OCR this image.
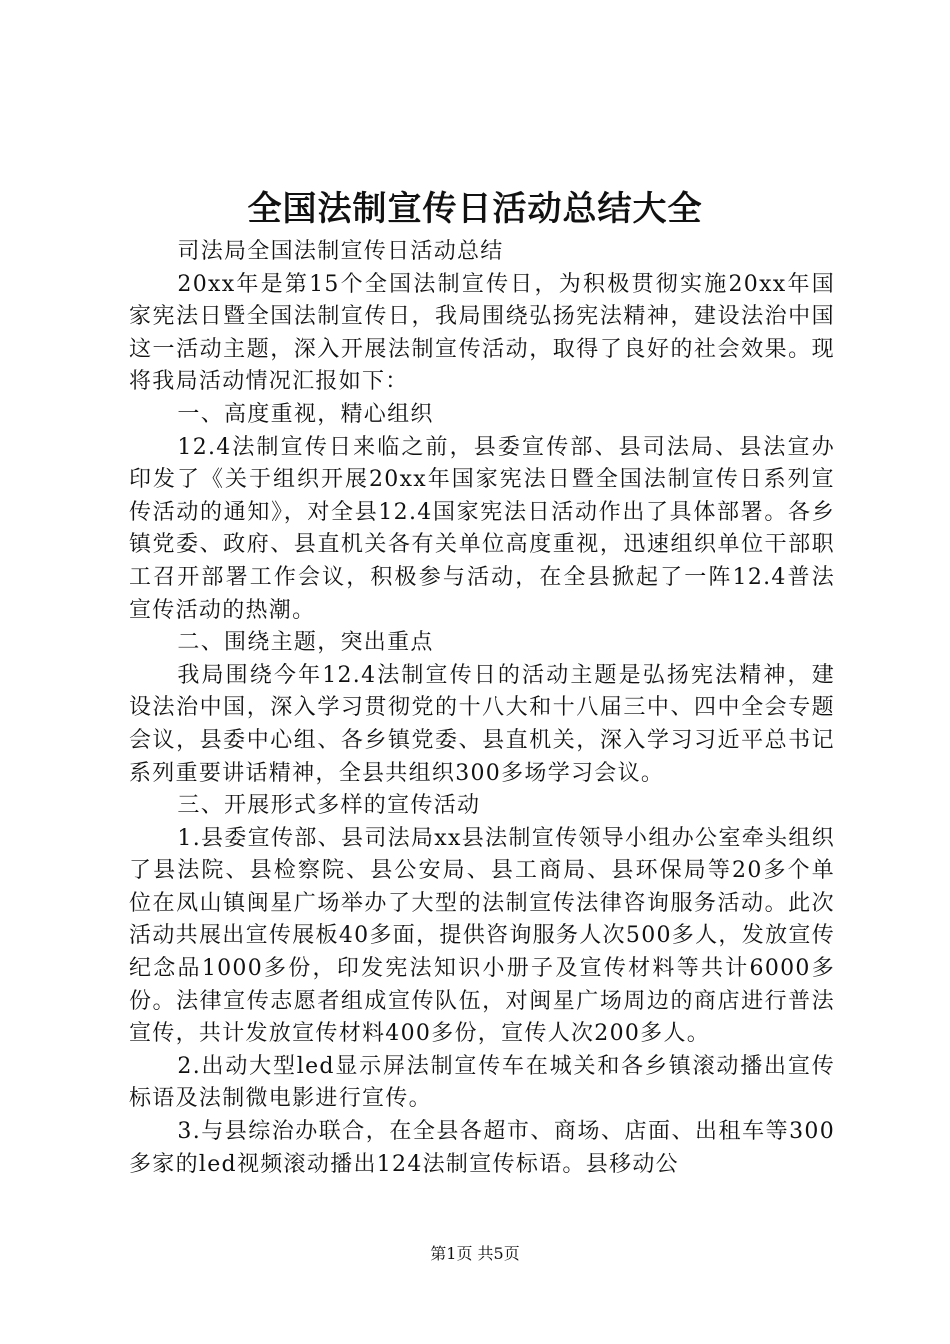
全国法制宣传日活动总结大全

司法局全国法制宣传日活动总结

20xx年是第15个全国法制宣传日，为积极贯彻实施20xx年国家宪法日暨全国法制宣传日，我局围绕弘扬宪法精神，建设法治中国这一活动主题，深入开展法制宣传活动，取得了良好的社会效果。现将我局活动情况汇报如下：

一、高度重视，精心组织

12.4法制宣传日来临之前，县委宣传部、县司法局、县法宣办印发了《关于组织开展20xx年国家宪法日暨全国法制宣传日系列宣传活动的通知》，对全县12.4国家宪法日活动作出了具体部署。各乡镇党委、政府、县直机关各有关单位高度重视，迅速组织单位干部职工召开部署工作会议，积极参与活动，在全县掀起了一阵12.4普法宣传活动的热潮。

二、围绕主题，突出重点

我局围绕今年12.4法制宣传日的活动主题是弘扬宪法精神，建设法治中国，深入学习贯彻党的十八大和十八届三中、四中全会专题会议，县委中心组、各乡镇党委、县直机关，深入学习习近平总书记系列重要讲话精神，全县共组织300多场学习会议。

三、开展形式多样的宣传活动

1.县委宣传部、县司法局xx县法制宣传领导小组办公室牵头组织了县法院、县检察院、县公安局、县工商局、县环保局等20多个单位在凤山镇闽星广场举办了大型的法制宣传法律咨询服务活动。此次活动共展出宣传展板40多面，提供咨询服务人次500多人，发放宣传纪念品1000多份，印发宪法知识小册子及宣传材料等共计6000多份。法律宣传志愿者组成宣传队伍，对闽星广场周边的商店进行普法宣传，共计发放宣传材料400多份，宣传人次200多人。

2.出动大型led显示屏法制宣传车在城关和各乡镇滚动播出宣传标语及法制微电影进行宣传。

3.与县综治办联合，在全县各超市、商场、店面、出租车等300多家的led视频滚动播出124法制宣传标语。县移动公

第1页 共5页
